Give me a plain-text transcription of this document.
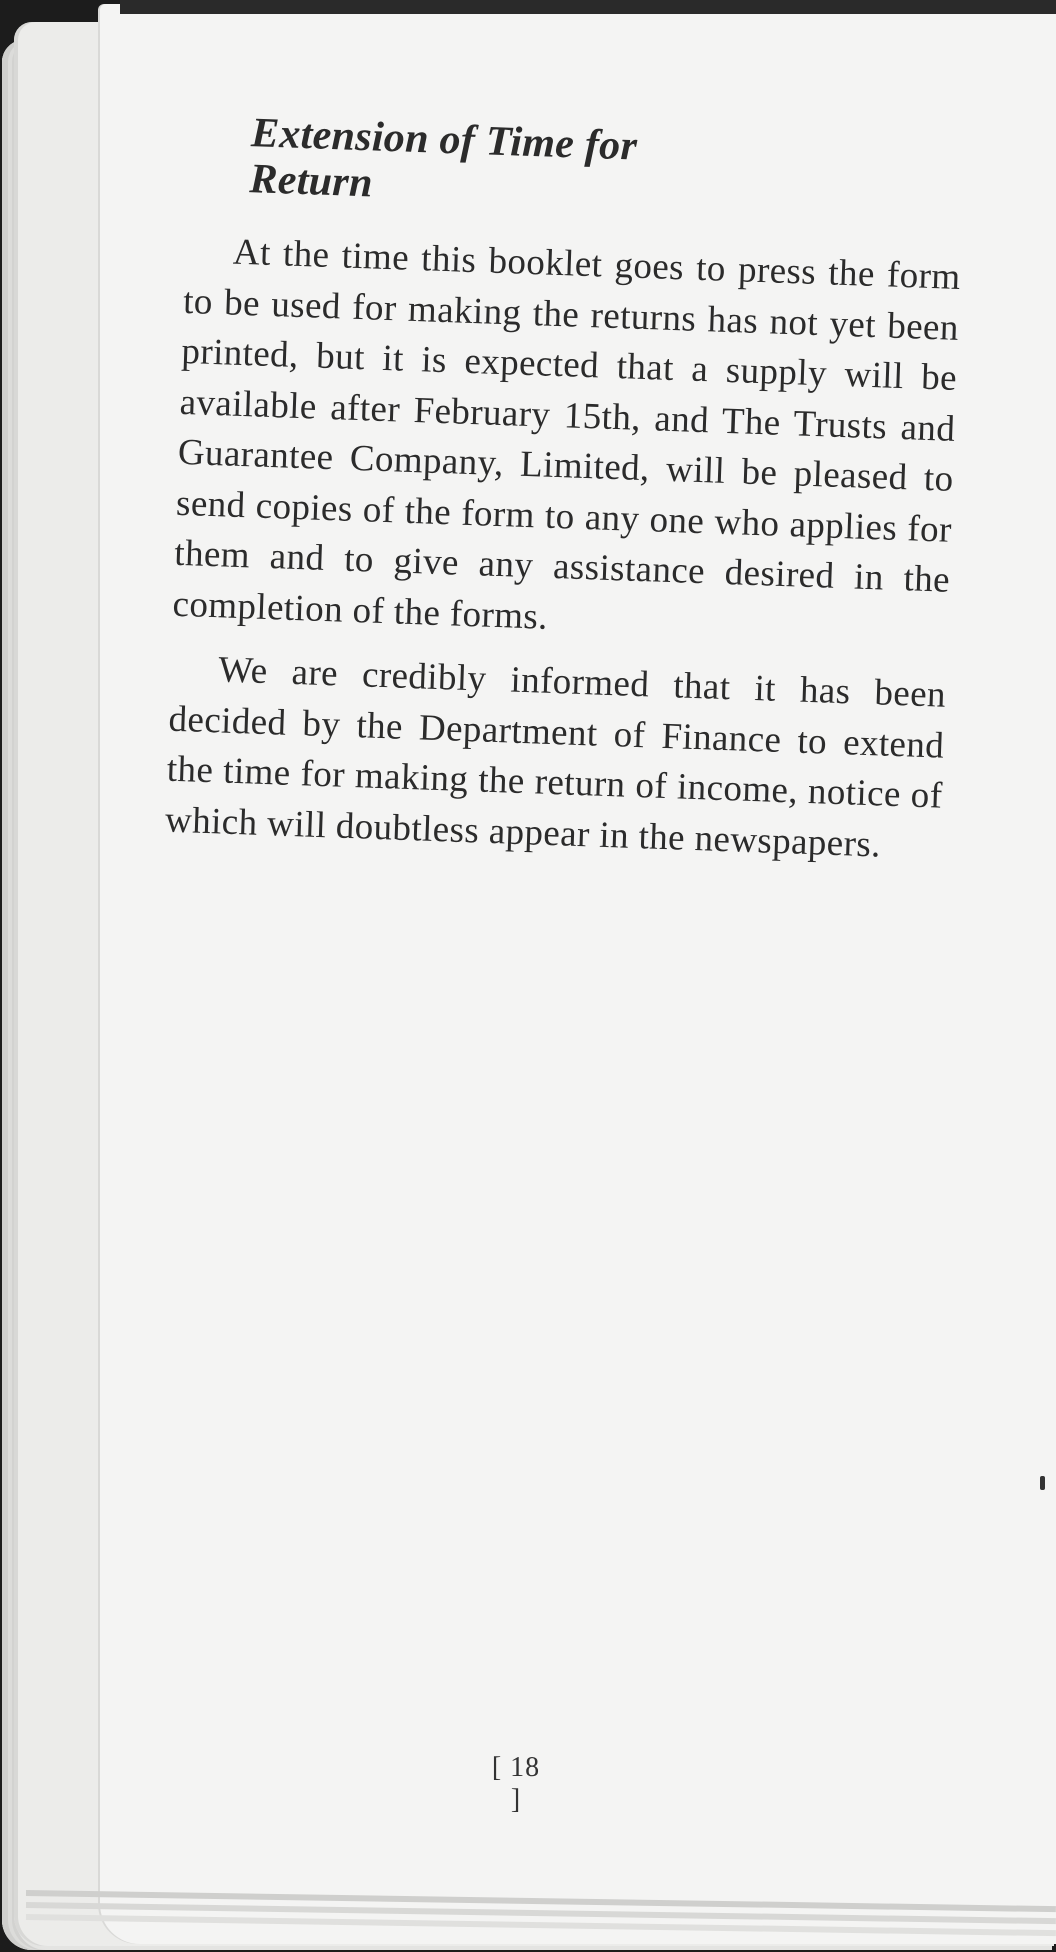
Extension of Time for Return

At the time this booklet goes to press the form to be used for making the returns has not yet been printed, but it is expected that a supply will be available after February 15th, and The Trusts and Guarantee Company, Limited, will be pleased to send copies of the form to any one who applies for them and to give any assistance desired in the completion of the forms.

We are credibly informed that it has been decided by the Department of Finance to extend the time for making the return of income, notice of which will doubtless appear in the newspapers.

[ 18 ]
